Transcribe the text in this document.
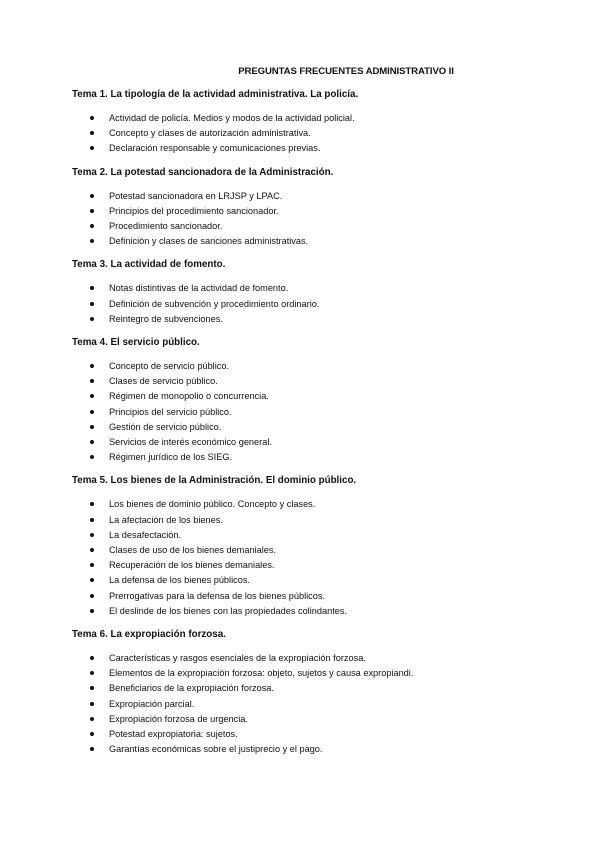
PREGUNTAS FRECUENTES ADMINISTRATIVO II
Tema 1. La tipología de la actividad administrativa. La policía.
Actividad de policía. Medios y modos de la actividad policial.
Concepto y clases de autorización administrativa.
Declaración responsable y comunicaciones previas.
Tema 2. La potestad sancionadora de la Administración.
Potestad sancionadora en LRJSP y LPAC.
Principios del procedimiento sancionador.
Procedimiento sancionador.
Definición y clases de sanciones administrativas.
Tema 3. La actividad de fomento.
Notas distintivas de la actividad de fomento.
Definición de subvención y procedimiento ordinario.
Reintegro de subvenciones.
Tema 4. El servicio público.
Concepto de servicio público.
Clases de servicio público.
Régimen de monopolio o concurrencia.
Principios del servicio público.
Gestión de servicio público.
Servicios de interés económico general.
Régimen jurídico de los SIEG.
Tema 5. Los bienes de la Administración. El dominio público.
Los bienes de dominio público. Concepto y clases.
La afectación de los bienes.
La desafectación.
Clases de uso de los bienes demaniales.
Recuperación de los bienes demaniales.
La defensa de los bienes públicos.
Prerrogativas para la defensa de los bienes públicos.
El deslinde de los bienes con las propiedades colindantes.
Tema 6. La expropiación forzosa.
Características y rasgos esenciales de la expropiación forzosa.
Elementos de la expropiación forzosa: objeto, sujetos y causa expropiandi.
Beneficiarios de la expropiación forzosa.
Expropiación parcial.
Expropiación forzosa de urgencia.
Potestad expropiatoria: sujetos.
Garantías económicas sobre el justiprecio y el pago.
